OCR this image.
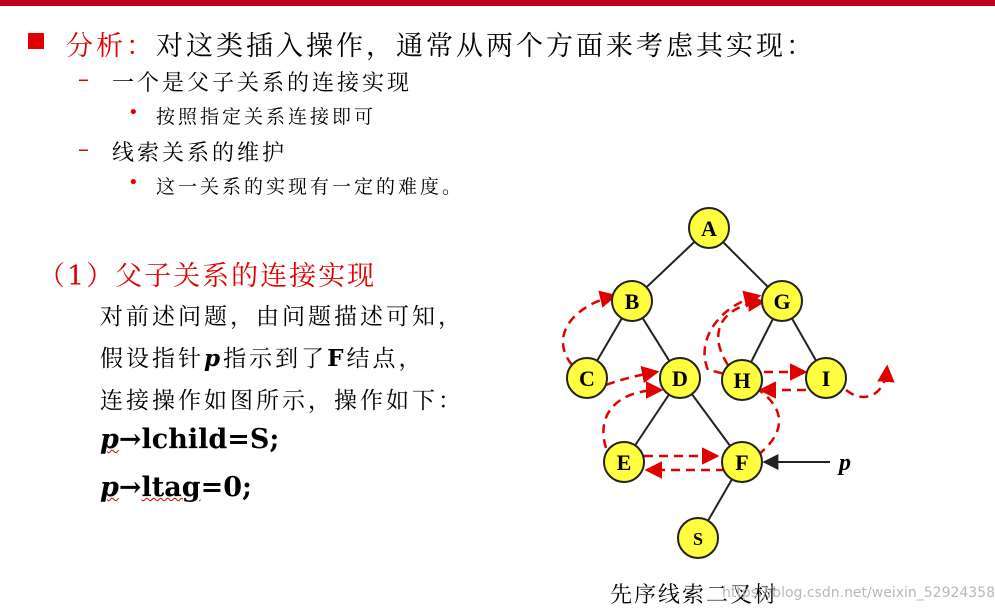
分析：对这类插入操作，通常从两个方面来考虑其实现：
– 一个是父子关系的连接实现
• 按照指定关系连接即可
– 线索关系的维护
• 这一关系的实现有一定的难度。
（1）父子关系的连接实现
对前述问题，由问题描述可知，
假设指针p指示到了F结点，
连接操作如图所示，操作如下：
p→lchild=S;
p→ltag=0;
A
B	G
C	D H	I
E	F
S
p
先序线索二叉树
https://blog.csdn.net/weixin_52924358
